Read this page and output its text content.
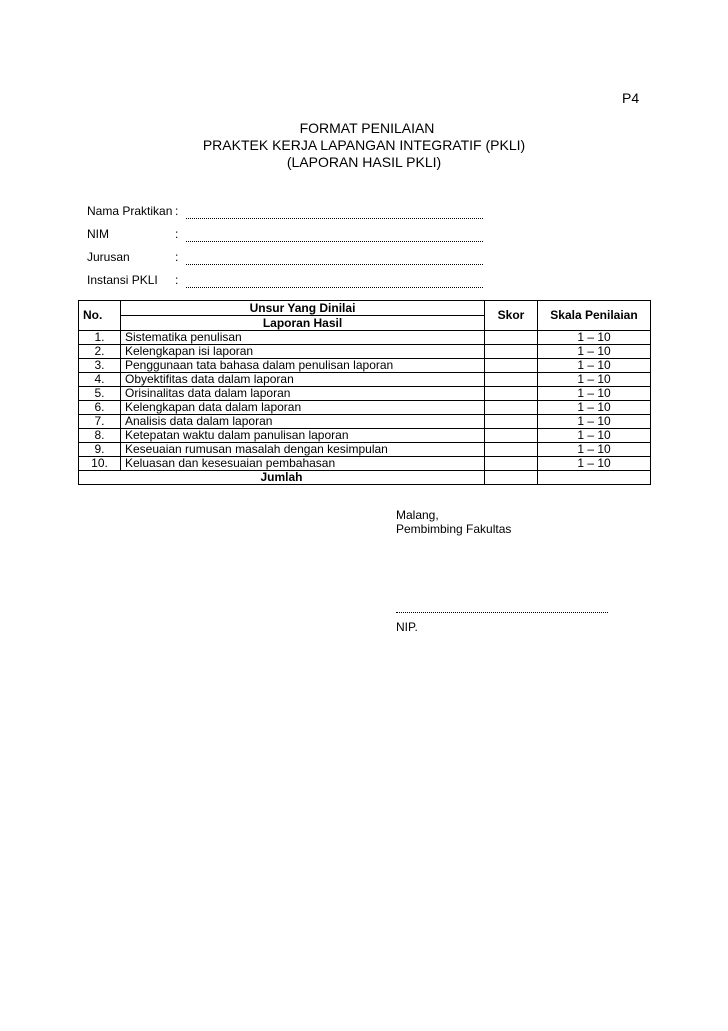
P4
FORMAT PENILAIAN
PRAKTEK KERJA LAPANGAN INTEGRATIF (PKLI)
(LAPORAN HASIL PKLI)
Nama Praktikan :
NIM	:
Jurusan	:
Instansi PKLI :
No.	Unsur Yang Dinilai	Skor	Skala Penilaian
	Laporan Hasil		
1.	Sistematika penulisan		1 – 10
2.	Kelengkapan isi laporan		1 – 10
3.	Penggunaan tata bahasa dalam penulisan laporan		1 – 10
4.	Obyektifitas data dalam laporan		1 – 10
5.	Orisinalitas data dalam laporan		1 – 10
6.	Kelengkapan data dalam laporan		1 – 10
7.	Analisis data dalam laporan		1 – 10
8.	Ketepatan waktu dalam panulisan laporan		1 – 10
9.	Keseuaian rumusan masalah dengan kesimpulan		1 – 10
10.	Keluasan dan kesesuaian pembahasan		1 – 10
Jumlah			
Malang,
Pembimbing Fakultas
NIP.
